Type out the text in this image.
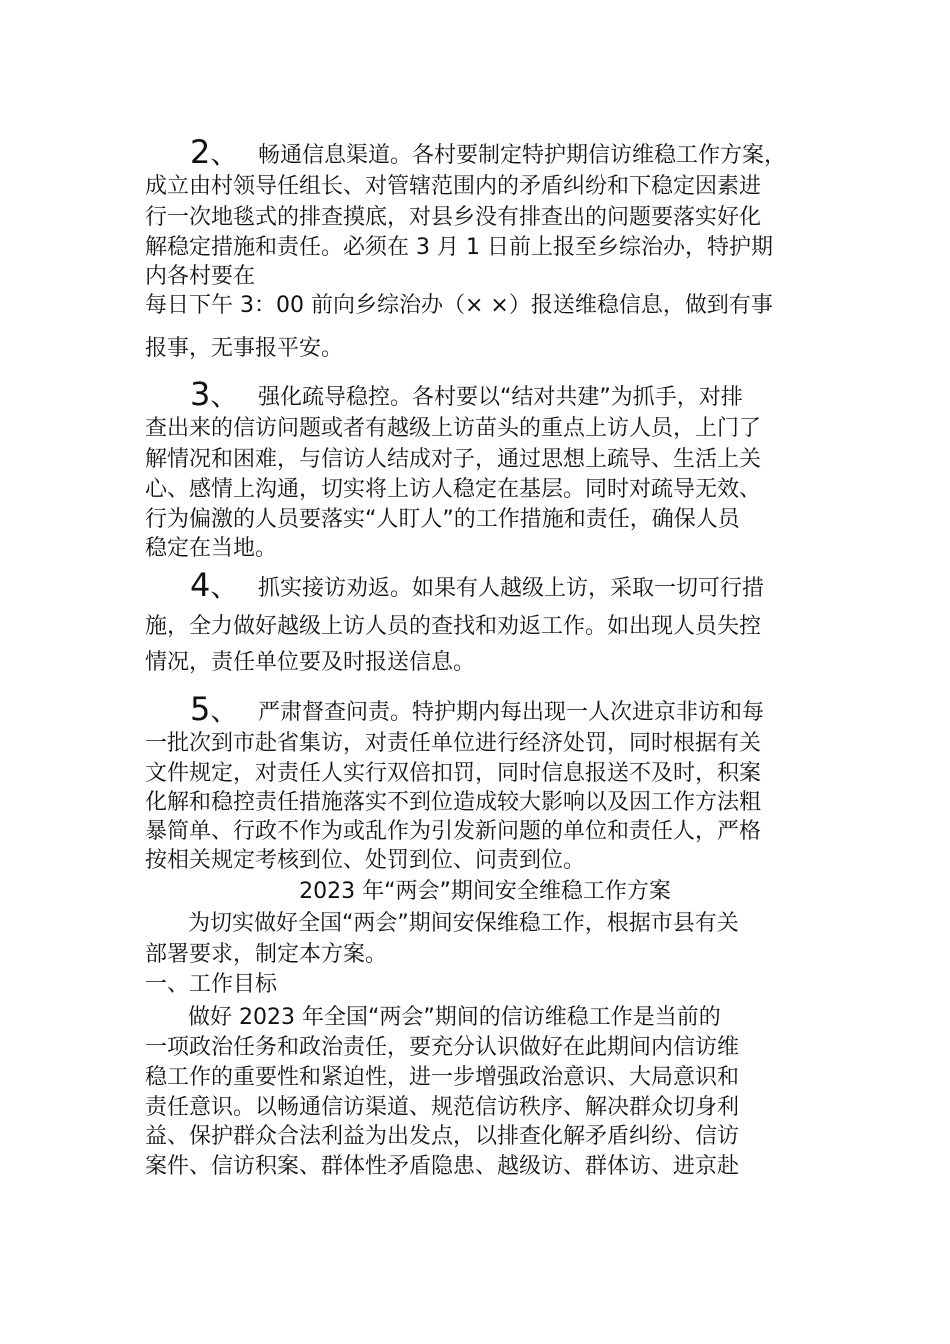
2、 畅通信息渠道。各村要制定特护期信访维稳工作方案，
成立由村领导任组长、对管辖范围内的矛盾纠纷和下稳定因素进
行一次地毯式的排查摸底，对县乡没有排查出的问题要落实好化
解稳定措施和责任。必须在 3 月 1 日前上报至乡综治办，特护期
内各村要在
每日下午 3：00 前向乡综治办（× ×）报送维稳信息，做到有事
报事，无事报平安。
3、 强化疏导稳控。各村要以“结对共建”为抓手，对排
查出来的信访问题或者有越级上访苗头的重点上访人员，上门了
解情况和困难，与信访人结成对子，通过思想上疏导、生活上关
心、感情上沟通，切实将上访人稳定在基层。同时对疏导无效、
行为偏激的人员要落实“人盯人”的工作措施和责任，确保人员
稳定在当地。
4、 抓实接访劝返。如果有人越级上访，采取一切可行措
施，全力做好越级上访人员的查找和劝返工作。如出现人员失控
情况，责任单位要及时报送信息。
5、 严肃督查问责。特护期内每出现一人次进京非访和每
一批次到市赴省集访，对责任单位进行经济处罚，同时根据有关
文件规定，对责任人实行双倍扣罚，同时信息报送不及时，积案
化解和稳控责任措施落实不到位造成较大影响以及因工作方法粗
暴简单、行政不作为或乱作为引发新问题的单位和责任人，严格
按相关规定考核到位、处罚到位、问责到位。
2023 年“两会”期间安全维稳工作方案
为切实做好全国“两会”期间安保维稳工作，根据市县有关
部署要求，制定本方案。
一、工作目标
做好 2023 年全国“两会”期间的信访维稳工作是当前的
一项政治任务和政治责任，要充分认识做好在此期间内信访维
稳工作的重要性和紧迫性，进一步增强政治意识、大局意识和
责任意识。以畅通信访渠道、规范信访秩序、解决群众切身利
益、保护群众合法利益为出发点，以排查化解矛盾纠纷、信访
案件、信访积案、群体性矛盾隐患、越级访、群体访、进京赴
